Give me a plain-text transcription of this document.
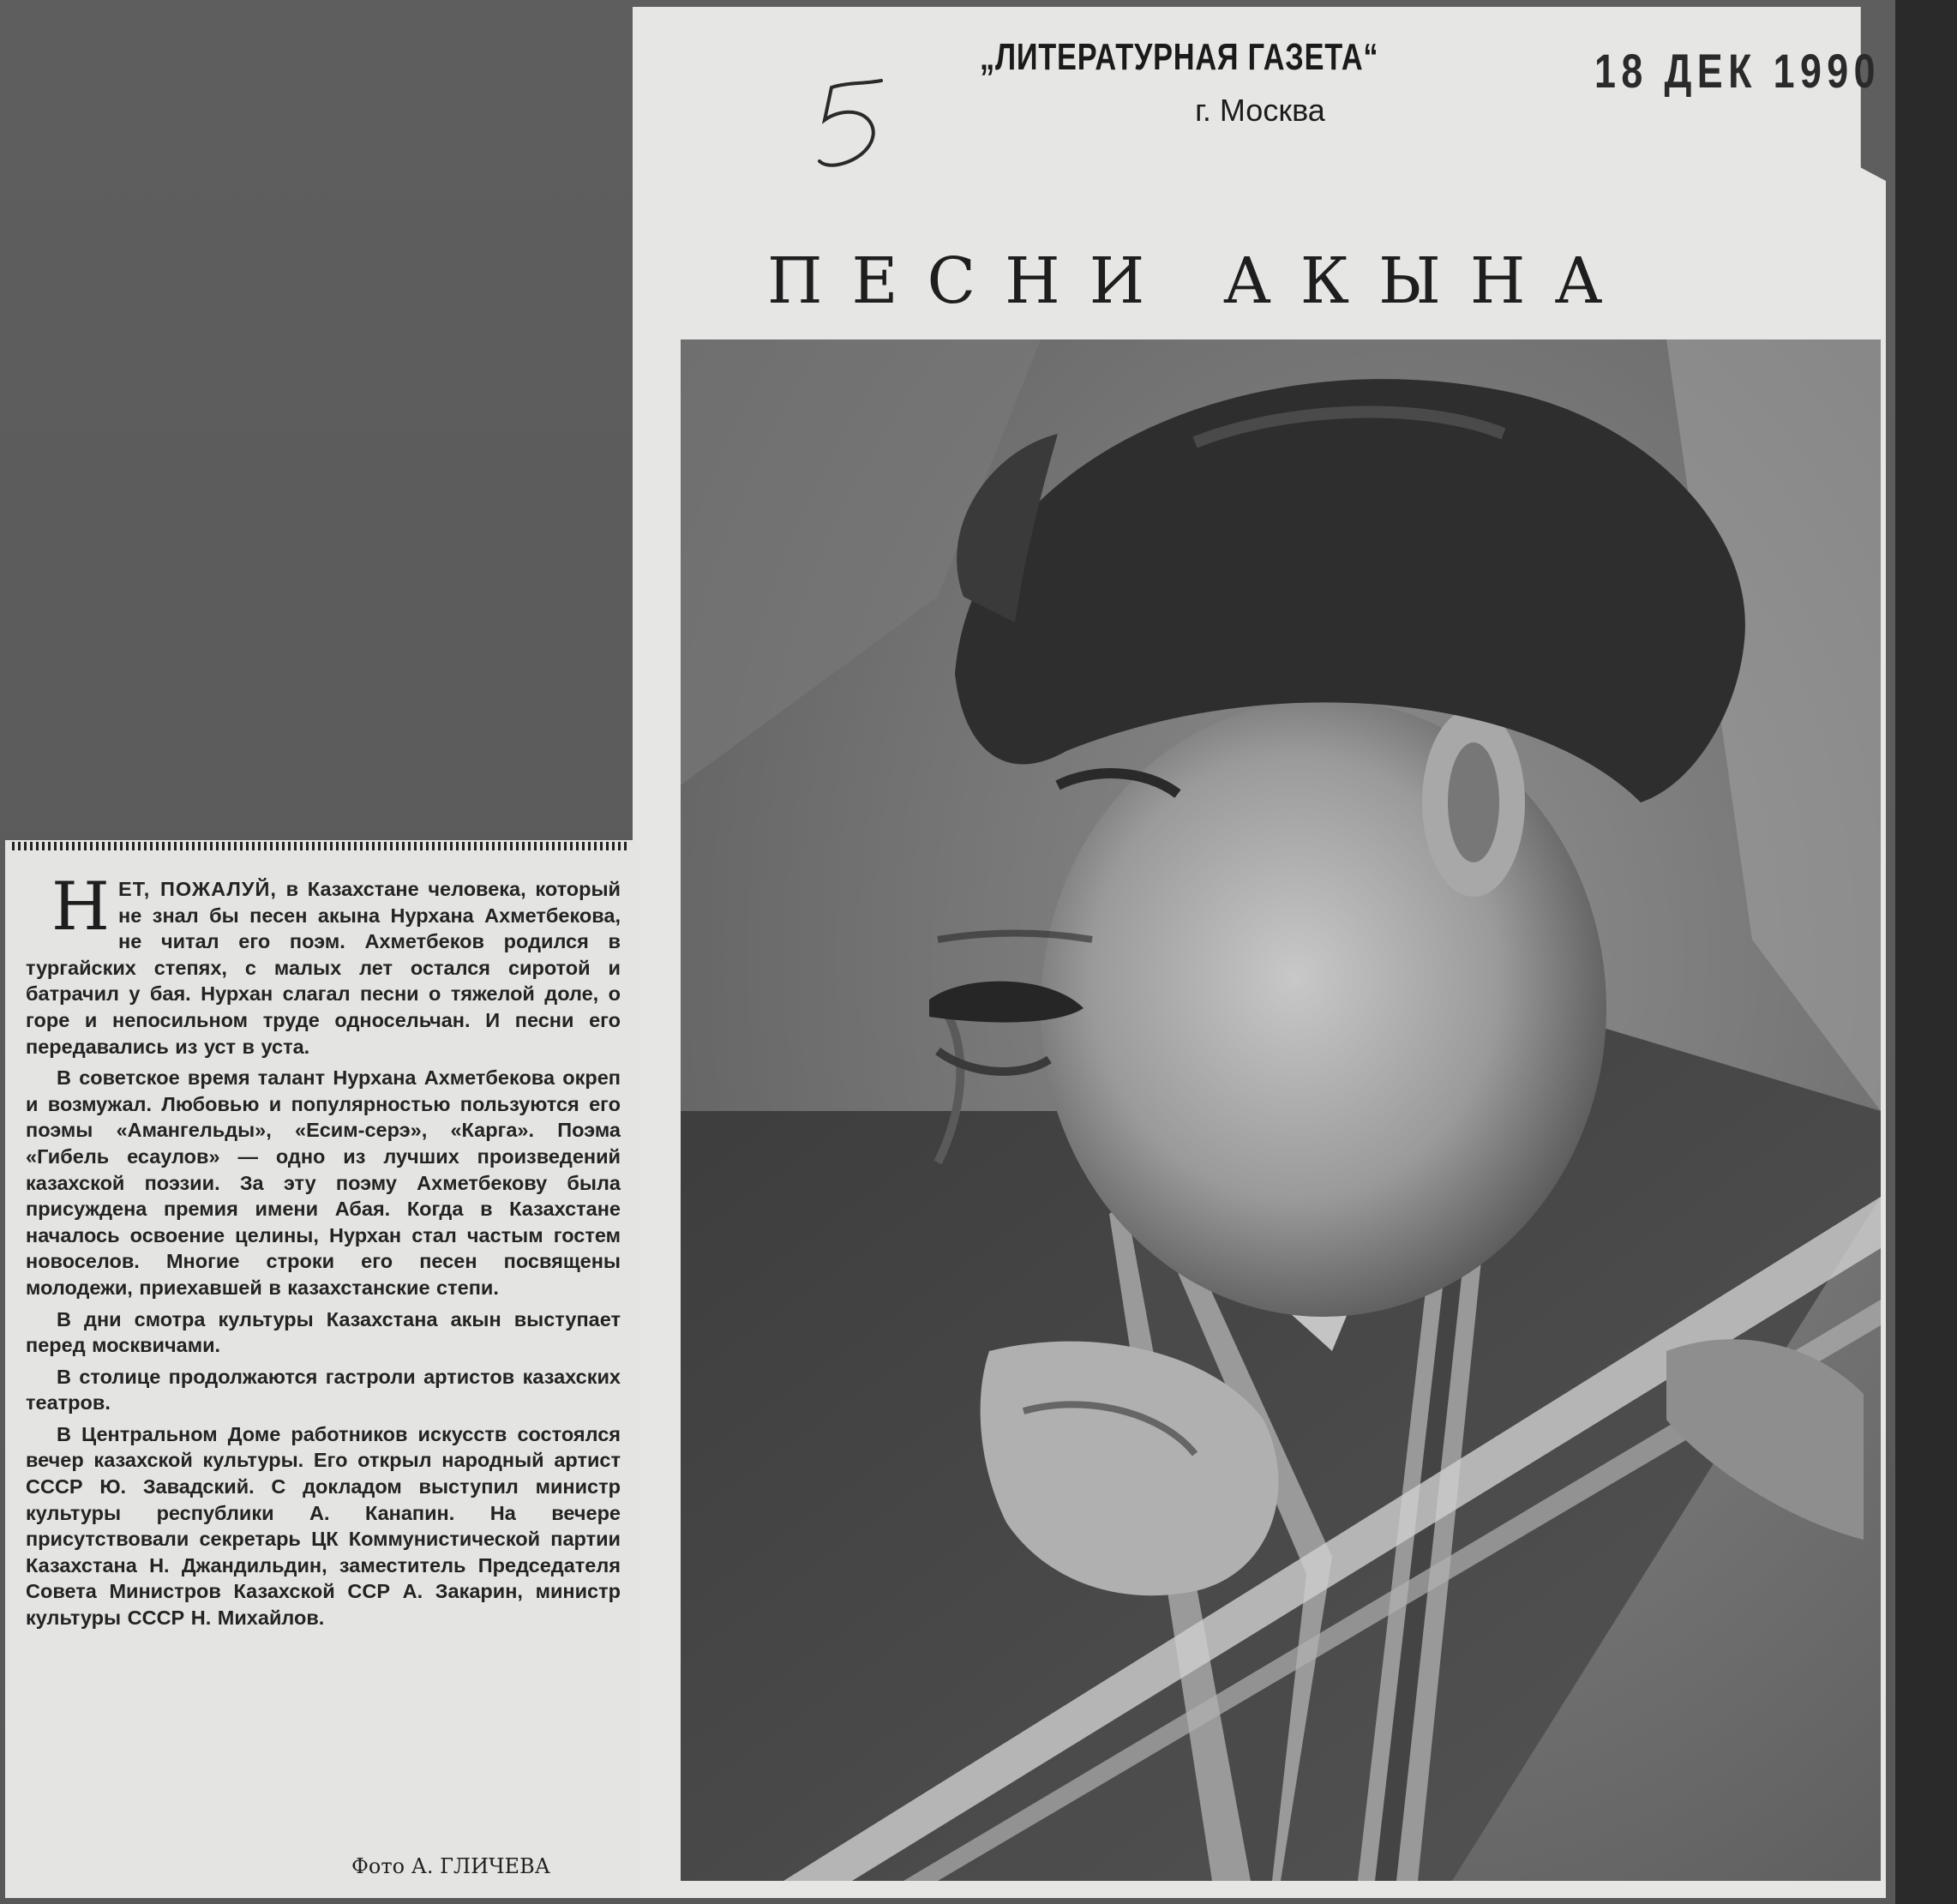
„ЛИТЕРАТУРНАЯ ГАЗЕТА“
г. Москва
18 ДЕК 1990
ПЕСНИ АКЫНА

НЕТ, ПОЖАЛУЙ, в Казахстане человека, который не знал бы песен акына Нурхана Ахметбекова, не читал его поэм. Ахметбеков родился в тургайских степях, с малых лет остался сиротой и батрачил у бая. Нурхан слагал песни о тяжелой доле, о горе и непосильном труде односельчан. И песни его передавались из уст в уста.

В советское время талант Нурхана Ахметбекова окреп и возмужал. Любовью и популярностью пользуются его поэмы «Амангельды», «Есим-серэ», «Карга». Поэма «Гибель есаулов» — одно из лучших произведений казахской поэзии. За эту поэму Ахметбекову была присуждена премия имени Абая. Когда в Казахстане началось освоение целины, Нурхан стал частым гостем новоселов. Многие строки его песен посвящены молодежи, приехавшей в казахстанские степи.

В дни смотра культуры Казахстана акын выступает перед москвичами.

В столице продолжаются гастроли артистов казахских театров.

В Центральном Доме работников искусств состоялся вечер казахской культуры. Его открыл народный артист СССР Ю. Завадский. С докладом выступил министр культуры республики А. Канапин. На вечере присутствовали секретарь ЦК Коммунистической партии Казахстана Н. Джандильдин, заместитель Председателя Совета Министров Казахской ССР А. Закарин, министр культуры СССР Н. Михайлов.

Фото А. ГЛИЧЕВА
